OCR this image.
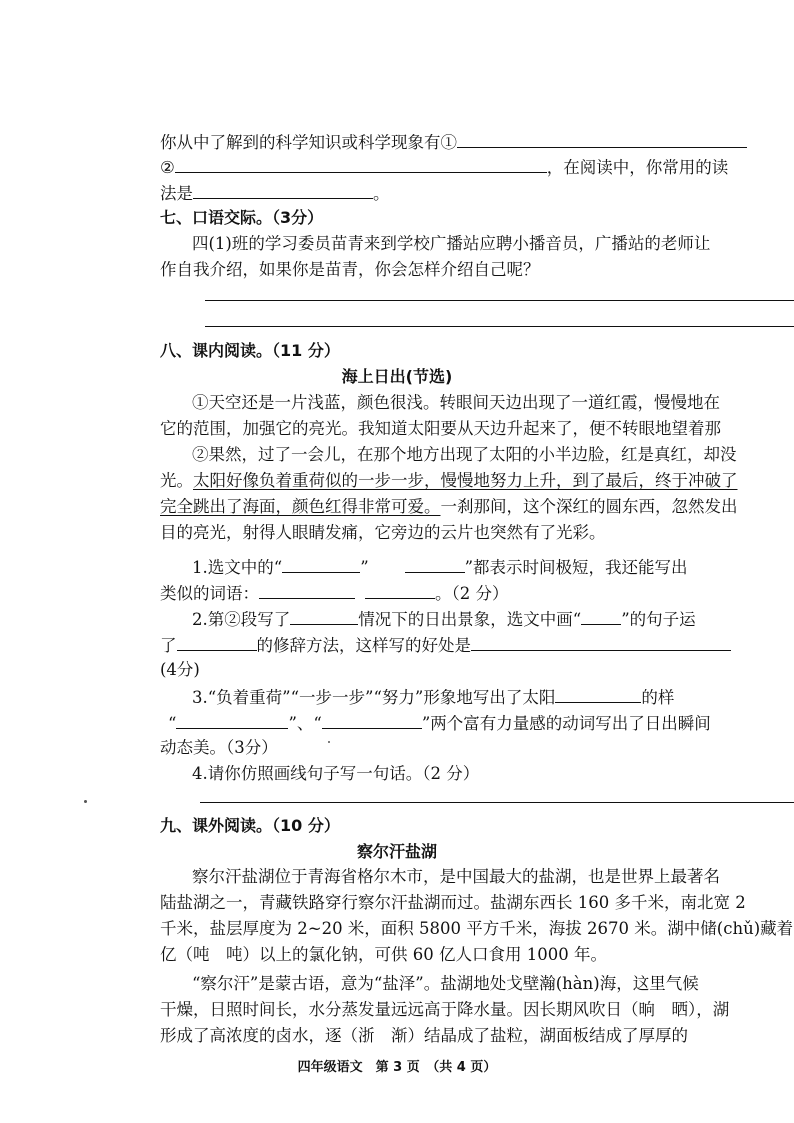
你从中了解到的科学知识或科学现象有①
②	，在阅读中，你常用的读
法是	。
七、口语交际。（3分）
四(1)班的学习委员苗青来到学校广播站应聘小播音员，广播站的老师让
作自我介绍，如果你是苗青，你会怎样介绍自己呢？
八、课内阅读。（11 分）
海上日出(节选)
①天空还是一片浅蓝，颜色很浅。转眼间天边出现了一道红霞，慢慢地在
它的范围，加强它的亮光。我知道太阳要从天边升起来了，便不转眼地望着那
②果然，过了一会儿，在那个地方出现了太阳的小半边脸，红是真红，却没
光。太阳好像负着重荷似的一步一步，慢慢地努力上升，到了最后，终于冲破了
完全跳出了海面，颜色红得非常可爱。一刹那间，这个深红的圆东西，忽然发出
目的亮光，射得人眼睛发痛，它旁边的云片也突然有了光彩。
1.选文中的“	”	”都表示时间极短，我还能写出
类似的词语：	。（2 分）
2.第②段写了	情况下的日出景象，选文中画“ ”的句子运
了	的修辞方法，这样写的好处是
(4分)
3.“负着重荷”“一步一步”“努力”形象地写出了太阳	的样
“	”、“	”两个富有力量感的动词写出了日出瞬间
动态美。（3分）
4.请你仿照画线句子写一句话。（2 分）
九、课外阅读。（10 分）
察尔汗盐湖
察尔汗盐湖位于青海省格尔木市，是中国最大的盐湖，也是世界上最著名
陆盐湖之一，青藏铁路穿行察尔汗盐湖而过。盐湖东西长 160 多千米，南北宽 2
千米，盐层厚度为 2~20 米，面积 5800 平方千米，海拔 2670 米。湖中储(chǔ)藏着
亿（吨　吨）以上的氯化钠，可供 60 亿人口食用 1000 年。
“察尔汗”是蒙古语，意为“盐泽”。盐湖地处戈壁瀚(hàn)海，这里气候
干燥，日照时间长，水分蒸发量远远高于降水量。因长期风吹日（晌　晒），湖
形成了高浓度的卤水，逐（浙　渐）结晶成了盐粒，湖面板结成了厚厚的
四年级语文　第 3 页　（共 4 页）
